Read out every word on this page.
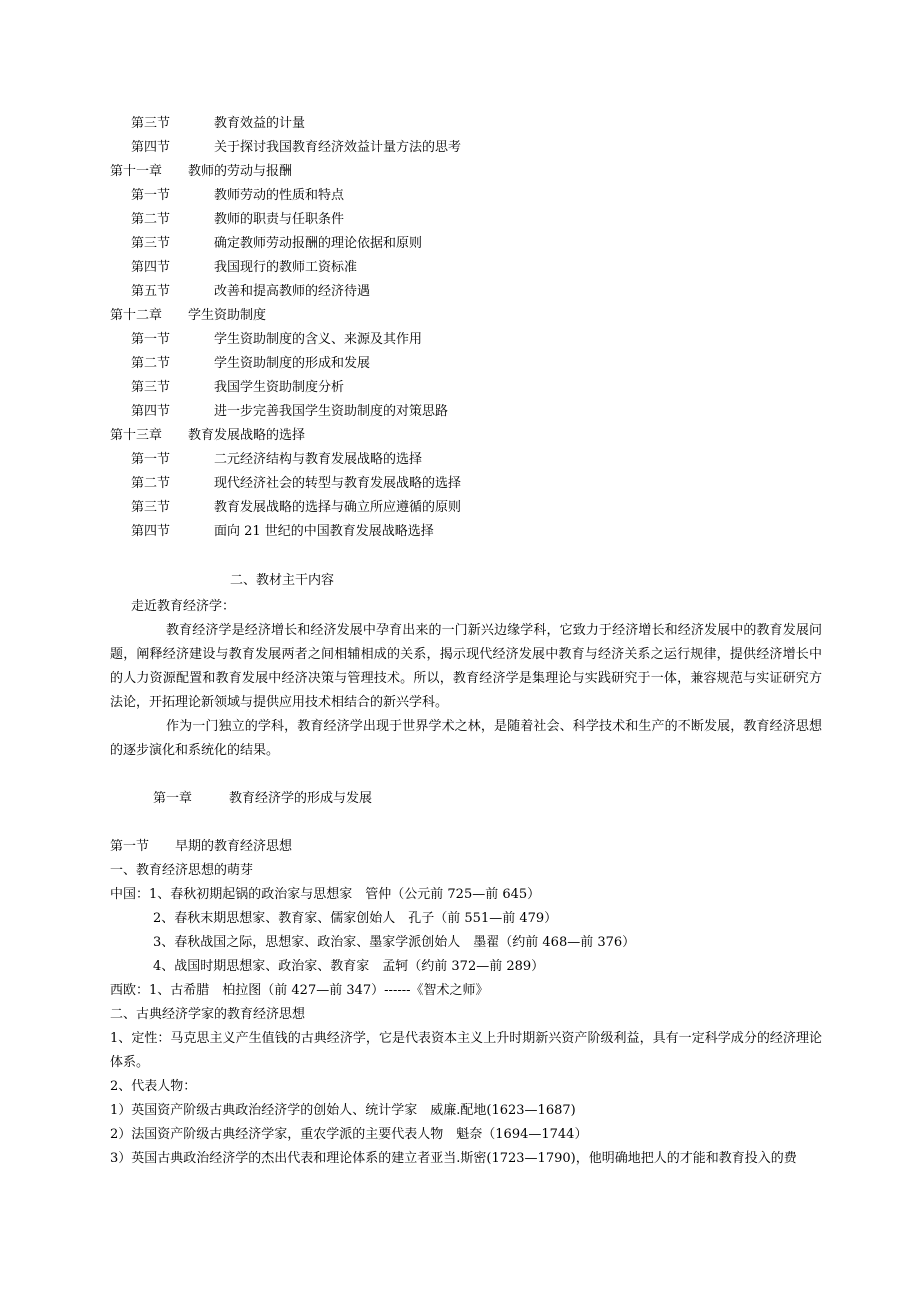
第三节	教育效益的计量
第四节	关于探讨我国教育经济效益计量方法的思考
第十一章 教师的劳动与报酬
第一节	教师劳动的性质和特点
第二节	教师的职责与任职条件
第三节	确定教师劳动报酬的理论依据和原则
第四节	我国现行的教师工资标准
第五节	改善和提高教师的经济待遇
第十二章 学生资助制度
第一节	学生资助制度的含义、来源及其作用
第二节	学生资助制度的形成和发展
第三节	我国学生资助制度分析
第四节	进一步完善我国学生资助制度的对策思路
第十三章 教育发展战略的选择
第一节	二元经济结构与教育发展战略的选择
第二节	现代经济社会的转型与教育发展战略的选择
第三节	教育发展战略的选择与确立所应遵循的原则
第四节	面向 21 世纪的中国教育发展战略选择
二、教材主干内容
走近教育经济学：
教育经济学是经济增长和经济发展中孕育出来的一门新兴边缘学科，它致力于经济增长和经济发展中的教育发展问题，阐释经济建设与教育发展两者之间相辅相成的关系，揭示现代经济发展中教育与经济关系之运行规律，提供经济增长中的人力资源配置和教育发展中经济决策与管理技术。所以，教育经济学是集理论与实践研究于一体，兼容规范与实证研究方法论，开拓理论新领域与提供应用技术相结合的新兴学科。
作为一门独立的学科，教育经济学出现于世界学术之林，是随着社会、科学技术和生产的不断发展，教育经济思想的逐步演化和系统化的结果。
第一章	教育经济学的形成与发展
第一节 早期的教育经济思想
一、教育经济思想的萌芽
中国：1、春秋初期起锅的政治家与思想家　管仲（公元前 725—前 645）
2、春秋末期思想家、教育家、儒家创始人　孔子（前 551—前 479）
3、春秋战国之际，思想家、政治家、墨家学派创始人　墨翟（约前 468—前 376）
4、战国时期思想家、政治家、教育家　孟轲（约前 372—前 289）
西欧：1、古希腊　柏拉图（前 427—前 347）------《智术之师》
二、古典经济学家的教育经济思想
1、定性：马克思主义产生值钱的古典经济学，它是代表资本主义上升时期新兴资产阶级利益，具有一定科学成分的经济理论体系。
2、代表人物：
1）英国资产阶级古典政治经济学的创始人、统计学家　威廉.配地(1623—1687)
2）法国资产阶级古典经济学家，重农学派的主要代表人物　魁奈（1694—1744）
3）英国古典政治经济学的杰出代表和理论体系的建立者亚当.斯密(1723—1790)，他明确地把人的才能和教育投入的费
